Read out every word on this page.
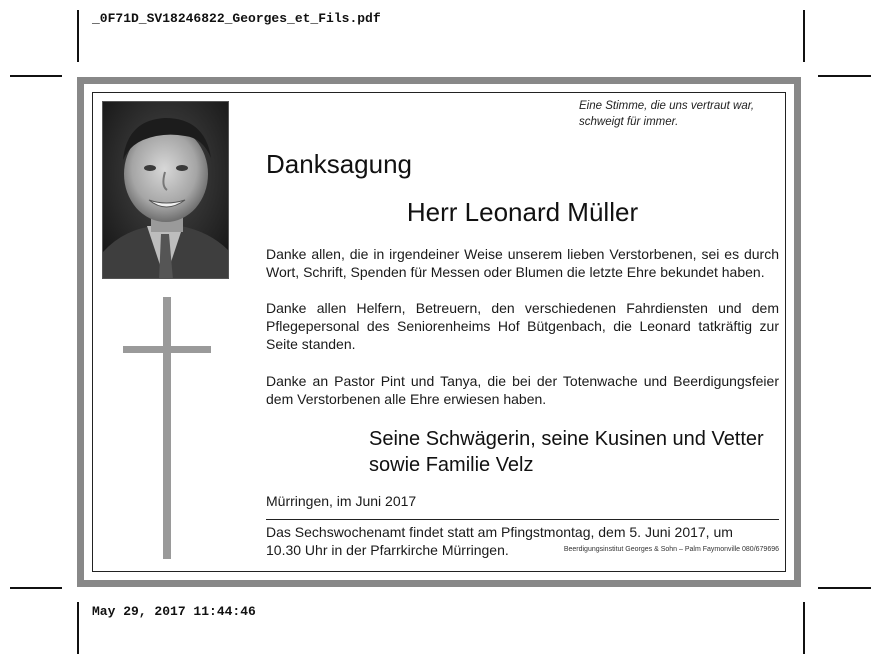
_0F71D_SV18246822_Georges_et_Fils.pdf
May 29, 2017 11:44:46
Eine Stimme, die uns vertraut war,
schweigt für immer.
Danksagung
Herr Leonard Müller
Danke allen, die in irgendeiner Weise unserem lieben Verstorbenen, sei es durch Wort, Schrift, Spenden für Messen oder Blumen die letzte Ehre bekundet haben.
Danke allen Helfern, Betreuern, den verschiedenen Fahrdiensten und dem Pflegepersonal des Seniorenheims Hof Bütgenbach, die Leonard tatkräftig zur Seite standen.
Danke an Pastor Pint und Tanya, die bei der Totenwache und Beerdigungsfeier dem Verstorbenen alle Ehre erwiesen haben.
Seine Schwägerin, seine Kusinen und Vetter
sowie Familie Velz
Mürringen, im Juni 2017
Das Sechswochenamt findet statt am Pfingstmontag, dem 5. Juni 2017, um
10.30 Uhr in der Pfarrkirche Mürringen.	Beerdigungsinstitut Georges & Sohn – Palm Faymonville 080/679696
